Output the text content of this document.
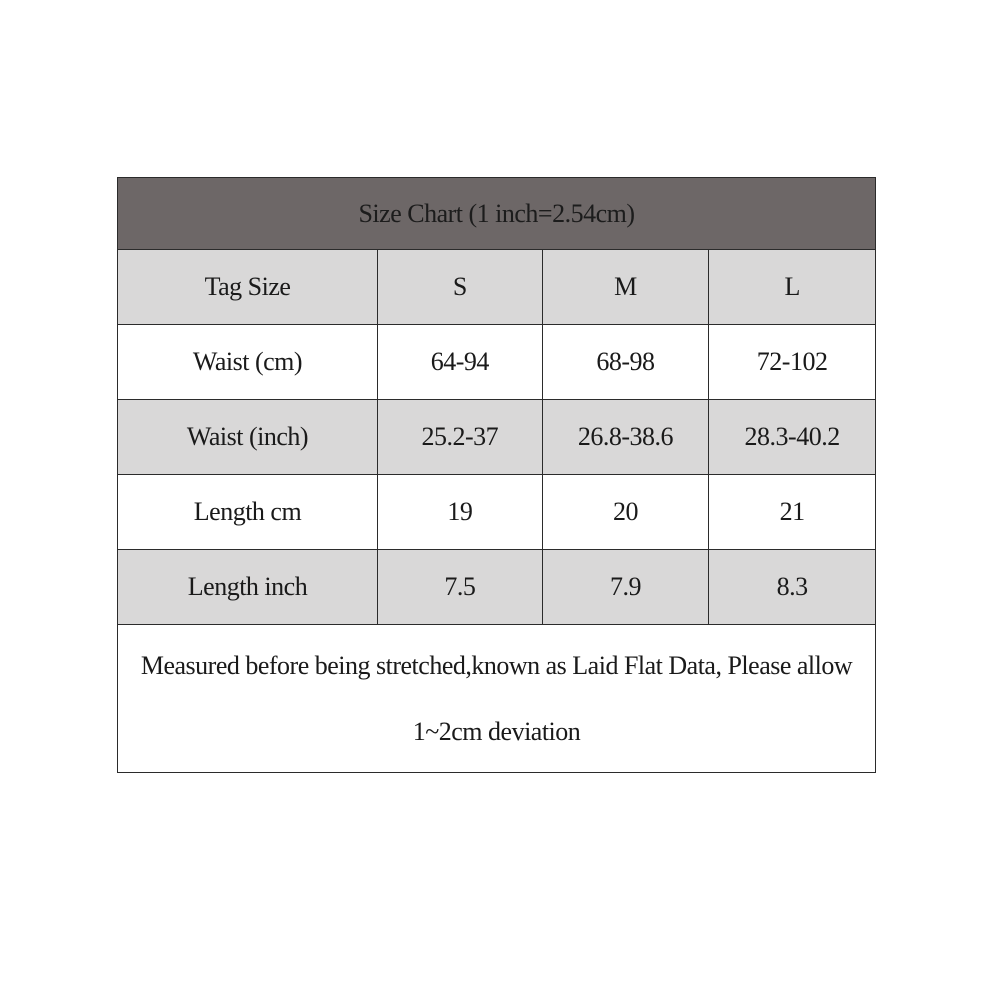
Size Chart (1 inch=2.54cm)			
Tag Size	S	M	L
Waist (cm)	64-94	68-98	72-102
Waist (inch)	25.2-37	26.8-38.6	28.3-40.2
Length cm	19	20	21
Length inch	7.5	7.9	8.3

Measured before being stretched,known as Laid Flat Data, Please allow
1~2cm deviation			
